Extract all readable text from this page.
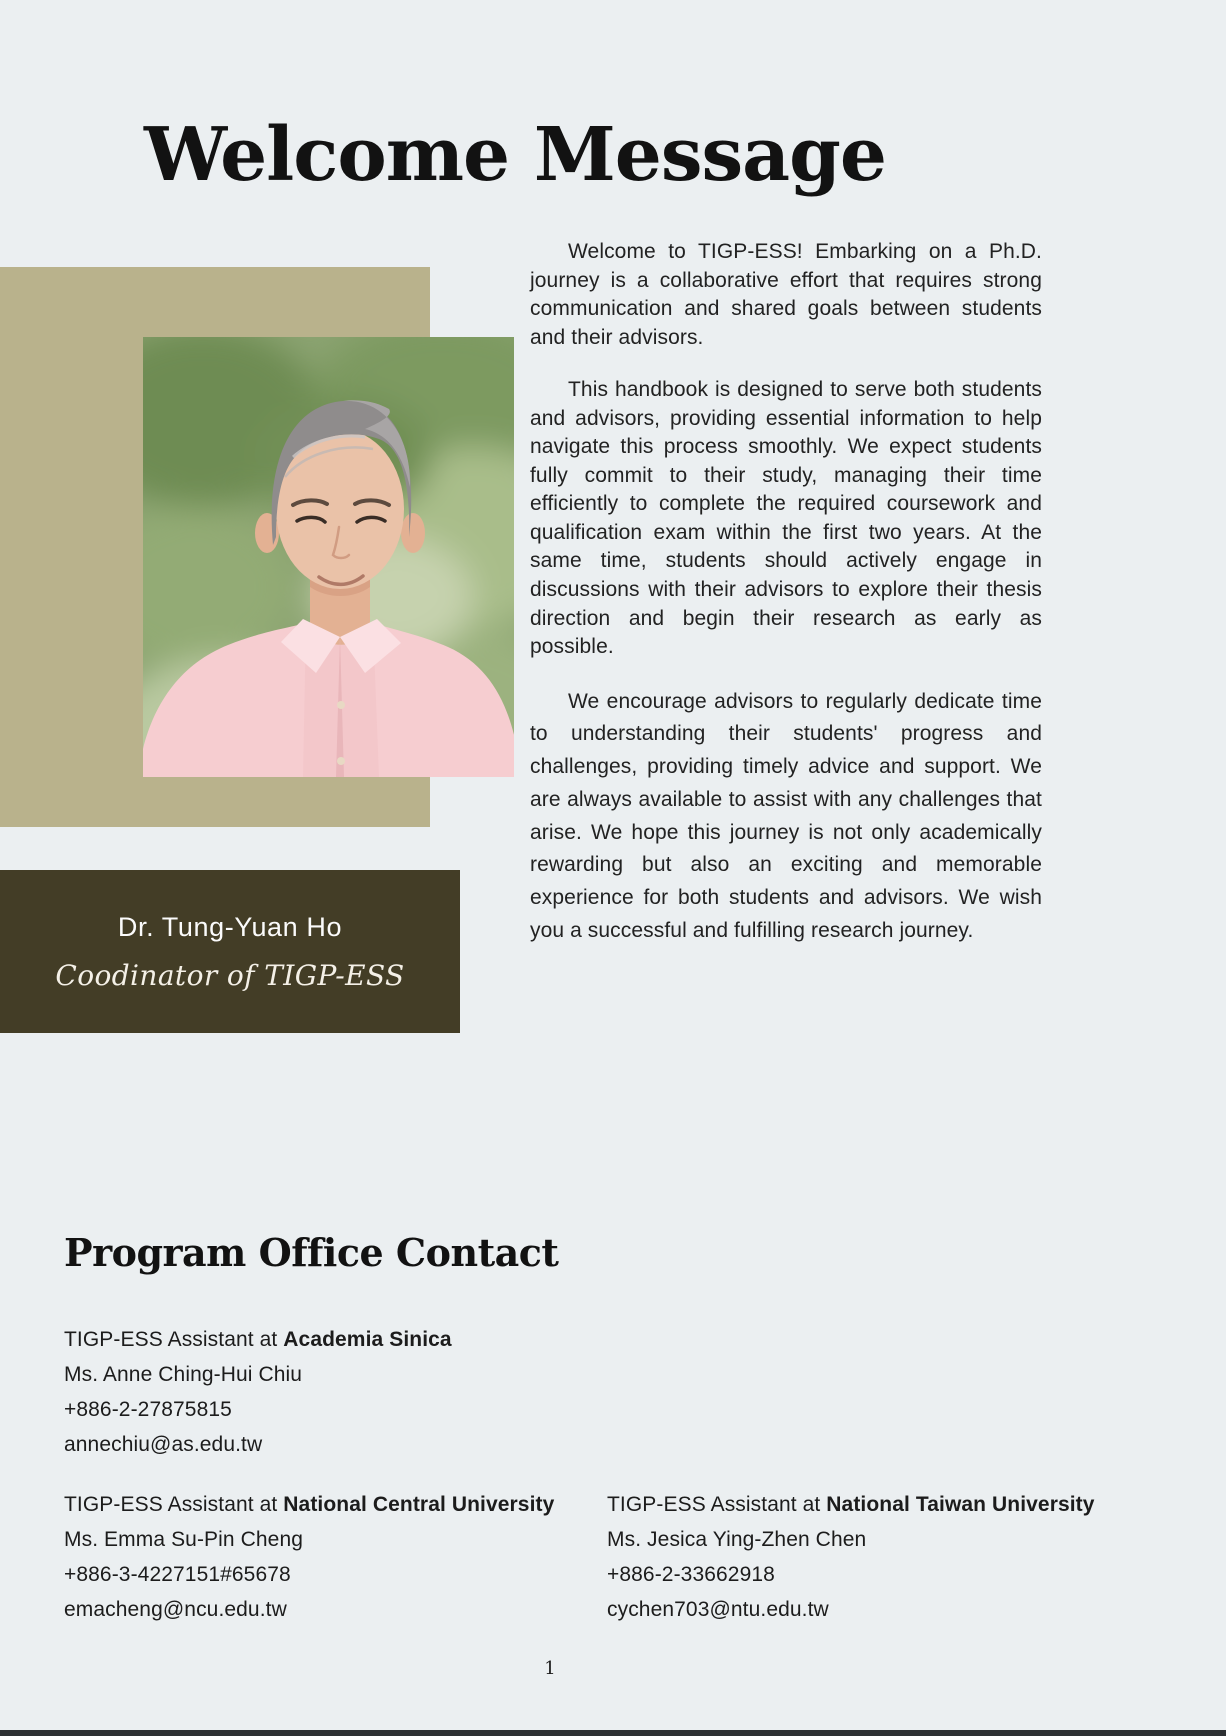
Welcome Message

Welcome to TIGP-ESS! Embarking on a Ph.D. journey is a collaborative effort that requires strong communication and shared goals between students and their advisors.

This handbook is designed to serve both students and advisors, providing essential information to help navigate this process smoothly. We expect students fully commit to their study, managing their time efficiently to complete the required coursework and qualification exam within the first two years. At the same time, students should actively engage in discussions with their advisors to explore their thesis direction and begin their research as early as possible.

We encourage advisors to regularly dedicate time to understanding their students' progress and challenges, providing timely advice and support. We are always available to assist with any challenges that arise. We hope this journey is not only academically rewarding but also an exciting and memorable experience for both students and advisors. We wish you a successful and fulfilling research journey.

Dr. Tung-Yuan Ho
Coodinator of TIGP-ESS
Program Office Contact
TIGP-ESS Assistant at Academia Sinica
Ms. Anne Ching-Hui Chiu
+886-2-27875815
annechiu@as.edu.tw
TIGP-ESS Assistant at National Central University
Ms. Emma Su-Pin Cheng
+886-3-4227151#65678
emacheng@ncu.edu.tw
TIGP-ESS Assistant at National Taiwan University
Ms. Jesica Ying-Zhen Chen
+886-2-33662918
cychen703@ntu.edu.tw
1
